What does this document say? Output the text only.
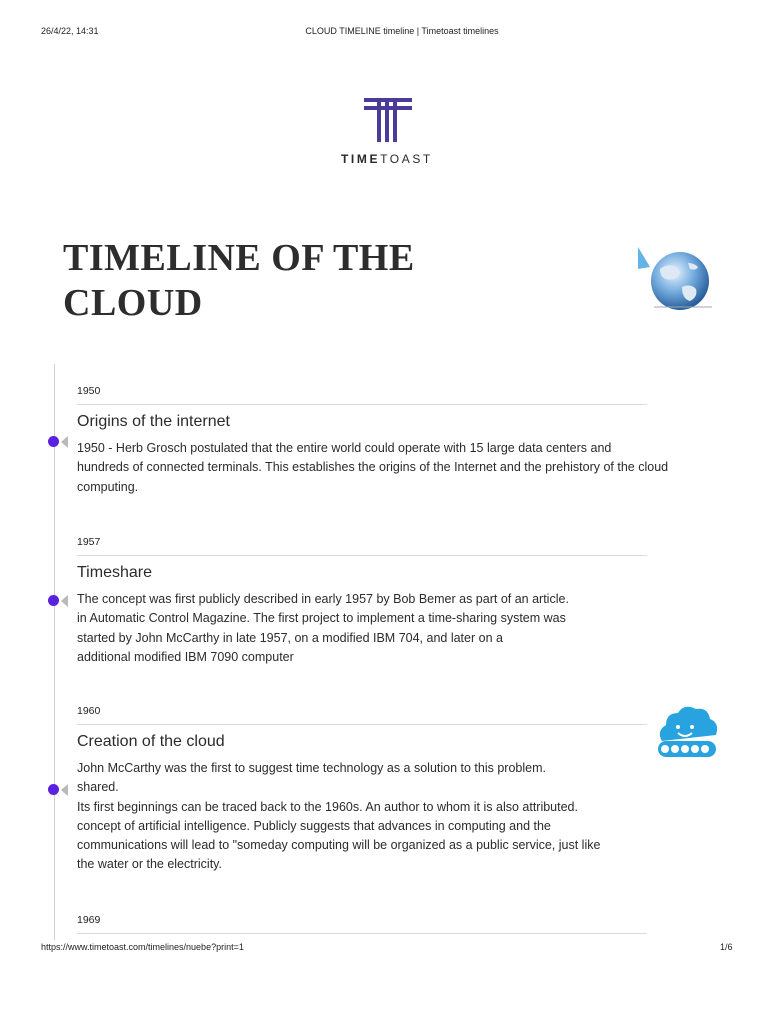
26/4/22, 14:31	CLOUD TIMELINE timeline | Timetoast timelines
TIMETOAST
TIMELINE OF THE
CLOUD
1950
Origins of the internet
1950 - Herb Grosch postulated that the entire world could operate with 15 large data centers and
hundreds of connected terminals. This establishes the origins of the Internet and the prehistory of the cloud
computing.
1957
Timeshare
The concept was first publicly described in early 1957 by Bob Bemer as part of an article.
in Automatic Control Magazine. The first project to implement a time-sharing system was
started by John McCarthy in late 1957, on a modified IBM 704, and later on a
additional modified IBM 7090 computer
1960
Creation of the cloud
John McCarthy was the first to suggest time technology as a solution to this problem.
shared.
Its first beginnings can be traced back to the 1960s. An author to whom it is also attributed.
concept of artificial intelligence. Publicly suggests that advances in computing and the
communications will lead to "someday computing will be organized as a public service, just like
the water or the electricity.
1969
https://www.timetoast.com/timelines/nuebe?print=1	1/6
